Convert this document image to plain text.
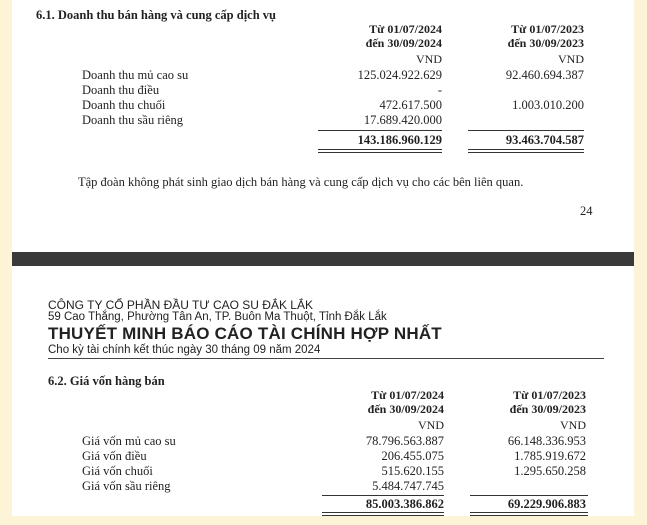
6.1. Doanh thu bán hàng và cung cấp dịch vụ
Từ 01/07/2024
đến 30/09/2024
Từ 01/07/2023
đến 30/09/2023
VND	VND
Doanh thu mủ cao su	125.024.922.629	92.460.694.387
Doanh thu điều	-
Doanh thu chuối	472.617.500	1.003.010.200
Doanh thu sầu riêng	17.689.420.000
143.186.960.129	93.463.704.587
Tập đoàn không phát sinh giao dịch bán hàng và cung cấp dịch vụ cho các bên liên quan.
24
CÔNG TY CỔ PHẦN ĐẦU TƯ CAO SU ĐẮK LẮK
59 Cao Thắng, Phường Tân An, TP. Buôn Ma Thuột, Tỉnh Đắk Lắk
THUYẾT MINH BÁO CÁO TÀI CHÍNH HỢP NHẤT
Cho kỳ tài chính kết thúc ngày 30 tháng 09 năm 2024
6.2. Giá vốn hàng bán
Từ 01/07/2024
đến 30/09/2024
Từ 01/07/2023
đến 30/09/2023
VND	VND
Giá vốn mủ cao su	78.796.563.887	66.148.336.953
Giá vốn điều	206.455.075	1.785.919.672
Giá vốn chuối	515.620.155	1.295.650.258
Giá vốn sầu riêng	5.484.747.745
85.003.386.862	69.229.906.883
